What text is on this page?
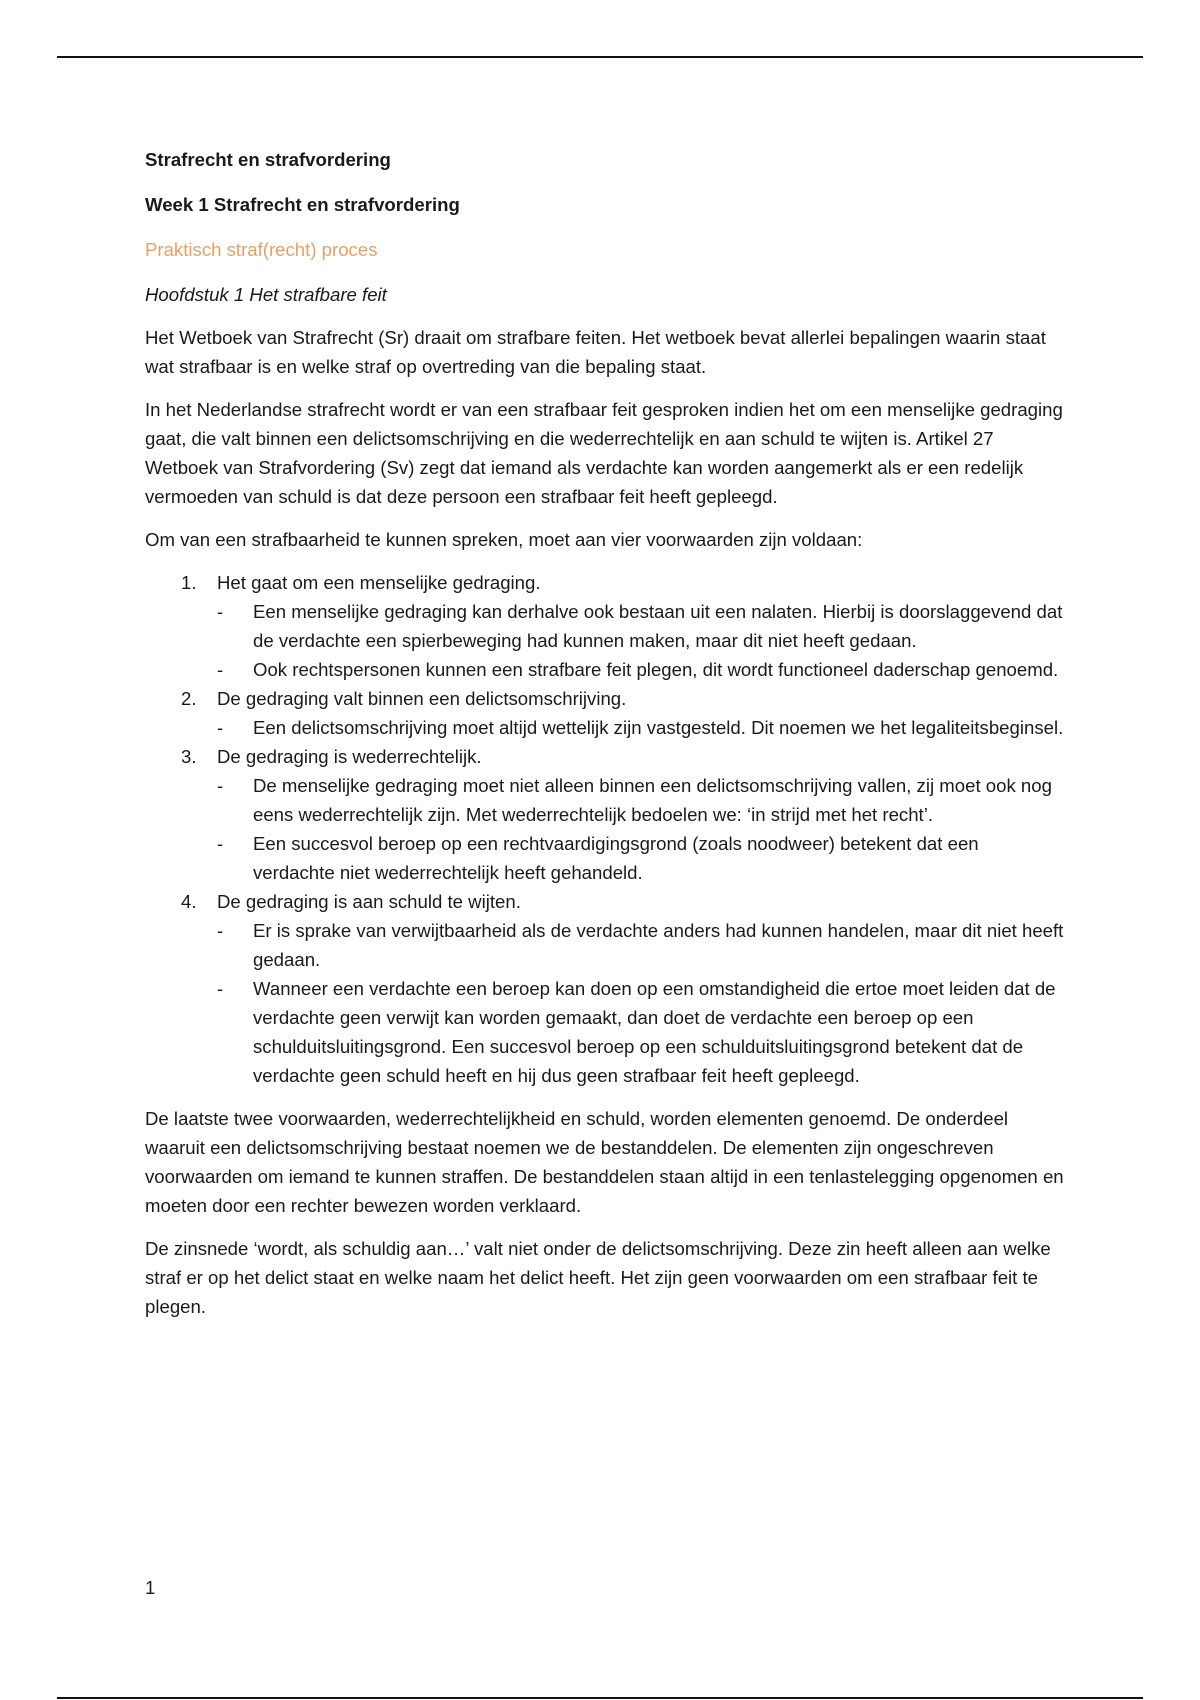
Strafrecht en strafvordering
Week 1 Strafrecht en strafvordering
Praktisch straf(recht) proces
Hoofdstuk 1 Het strafbare feit

Het Wetboek van Strafrecht (Sr) draait om strafbare feiten. Het wetboek bevat allerlei bepalingen waarin staat wat strafbaar is en welke straf op overtreding van die bepaling staat.

In het Nederlandse strafrecht wordt er van een strafbaar feit gesproken indien het om een menselijke gedraging gaat, die valt binnen een delictsomschrijving en die wederrechtelijk en aan schuld te wijten is. Artikel 27 Wetboek van Strafvordering (Sv) zegt dat iemand als verdachte kan worden aangemerkt als er een redelijk vermoeden van schuld is dat deze persoon een strafbaar feit heeft gepleegd.

Om van een strafbaarheid te kunnen spreken, moet aan vier voorwaarden zijn voldaan:

1. Het gaat om een menselijke gedraging.
- Een menselijke gedraging kan derhalve ook bestaan uit een nalaten. Hierbij is doorslaggevend dat de verdachte een spierbeweging had kunnen maken, maar dit niet heeft gedaan.
- Ook rechtspersonen kunnen een strafbare feit plegen, dit wordt functioneel daderschap genoemd.
2. De gedraging valt binnen een delictsomschrijving.
- Een delictsomschrijving moet altijd wettelijk zijn vastgesteld. Dit noemen we het legaliteitsbeginsel.
3. De gedraging is wederrechtelijk.
- De menselijke gedraging moet niet alleen binnen een delictsomschrijving vallen, zij moet ook nog eens wederrechtelijk zijn. Met wederrechtelijk bedoelen we: ‘in strijd met het recht’.
- Een succesvol beroep op een rechtvaardigingsgrond (zoals noodweer) betekent dat een verdachte niet wederrechtelijk heeft gehandeld.
4. De gedraging is aan schuld te wijten.
- Er is sprake van verwijtbaarheid als de verdachte anders had kunnen handelen, maar dit niet heeft gedaan.
- Wanneer een verdachte een beroep kan doen op een omstandigheid die ertoe moet leiden dat de verdachte geen verwijt kan worden gemaakt, dan doet de verdachte een beroep op een schulduitsluitingsgrond. Een succesvol beroep op een schulduitsluitingsgrond betekent dat de verdachte geen schuld heeft en hij dus geen strafbaar feit heeft gepleegd.

De laatste twee voorwaarden, wederrechtelijkheid en schuld, worden elementen genoemd. De onderdeel waaruit een delictsomschrijving bestaat noemen we de bestanddelen. De elementen zijn ongeschreven voorwaarden om iemand te kunnen straffen. De bestanddelen staan altijd in een tenlastelegging opgenomen en moeten door een rechter bewezen worden verklaard.

De zinsnede ‘wordt, als schuldig aan…’ valt niet onder de delictsomschrijving. Deze zin heeft alleen aan welke straf er op het delict staat en welke naam het delict heeft. Het zijn geen voorwaarden om een strafbaar feit te plegen.

1
